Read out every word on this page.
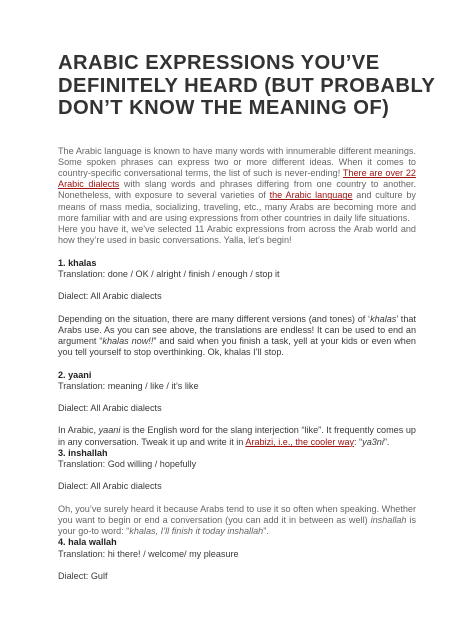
ARABIC EXPRESSIONS YOU’VE
DEFINITELY HEARD (BUT PROBABLY
DON’T KNOW THE MEANING OF)

The Arabic language is known to have many words with innumerable different meanings. Some spoken phrases can express two or more different ideas. When it comes to country-specific conversational terms, the list of such is never-ending! There are over 22 Arabic dialects with slang words and phrases differing from one country to another. Nonetheless, with exposure to several varieties of the Arabic language and culture by means of mass media, socializing, traveling, etc., many Arabs are becoming more and more familiar with and are using expressions from other countries in daily life situations.

Here you have it, we’ve selected 11 Arabic expressions from across the Arab world and how they’re used in basic conversations. Yalla, let’s begin!

1. khalas

Translation: done / OK / alright / finish / enough / stop it

Dialect: All Arabic dialects

Depending on the situation, there are many different versions (and tones) of ‘khalas’ that Arabs use. As you can see above, the translations are endless! It can be used to end an argument “khalas now!!” and said when you finish a task, yell at your kids or even when you tell yourself to stop overthinking. Ok, khalas I’ll stop.

2. yaani

Translation: meaning / like / it’s like

Dialect: All Arabic dialects

In Arabic, yaani is the English word for the slang interjection “like”. It frequently comes up in any conversation. Tweak it up and write it in Arabizi, i.e., the cooler way: “ya3ni”.

3. inshallah

Translation: God willing / hopefully

Dialect: All Arabic dialects

Oh, you’ve surely heard it because Arabs tend to use it so often when speaking. Whether you want to begin or end a conversation (you can add it in between as well) inshallah is your go-to word: “khalas, I’ll finish it today inshallah”.

4. hala wallah

Translation: hi there! / welcome/ my pleasure

Dialect: Gulf
